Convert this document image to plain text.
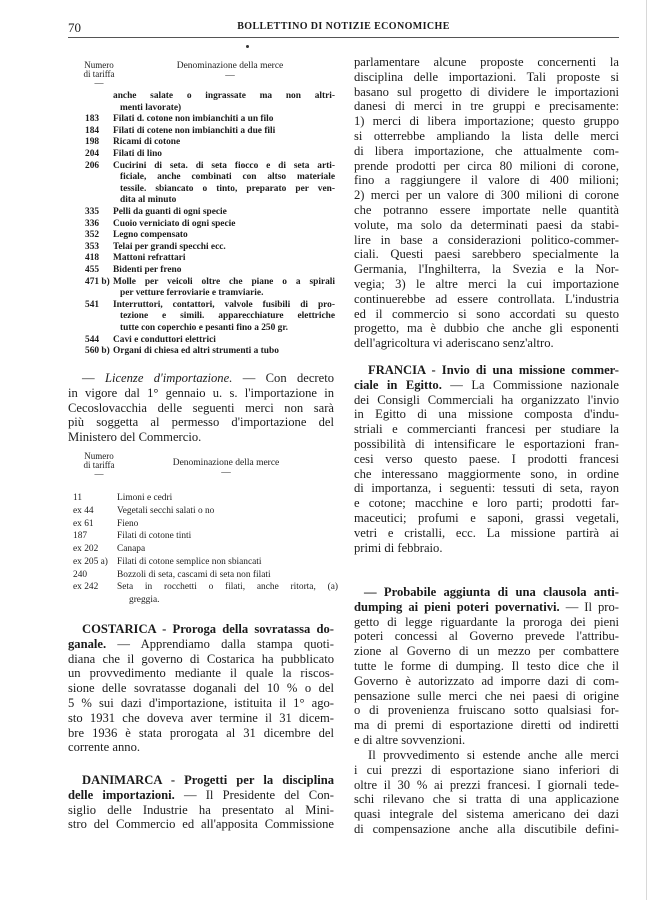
70	BOLLETTINO DI NOTIZIE ECONOMICHE
Numero
di tariffa
—
Denominazione della merce
—
anche salate o ingrassate ma non altri-
menti lavorate)
183 Filati d. cotone non imbianchiti a un filo
184 Filati di cotene non imbianchiti a due fili
198 Ricami di cotone
204 Filati di lino
206 Cucirini di seta. di seta fiocco e di seta arti-
ficiale, anche combinati con altso materiale
tessile. sbiancato o tinto, preparato per ven-
dita al minuto
335 Pelli da guanti di ogni specie
336 Cuoio verniciato di ogni specie
352 Legno compensato
353 Telai per grandi specchi ecc.
418 Mattoni refrattari
455 Bidenti per freno
471 b) Molle per veicoli oltre che piane o a spirali
per vetture ferroviarie e tramviarie.
541 Interruttori, contattori, valvole fusibili di pro-
tezione e simili. apparecchiature elettriche
tutte con coperchio e pesanti fino a 250 gr.
544 Cavi e conduttori elettrici
560 b) Organi di chiesa ed altri strumenti a tubo
— Licenze d'importazione. — Con decreto
in vigore dal 1° gennaio u. s. l'importazione in
Cecoslovacchia delle seguenti merci non sarà
più soggetta al permesso d'importazione del
Ministero del Commercio.
Numero
di tariffa
—
Denominazione della merce
—
11	Limoni e cedri
ex 44 Vegetali secchi salati o no
ex 61 Fieno
187	Filati di cotone tinti
ex 202 Canapa
ex 205 a) Filati di cotone semplice non sbiancati
240	Bozzoli di seta, cascami di seta non filati
ex 242 Seta in rocchetti o filati, anche ritorta, (a)
greggia.
COSTARICA - Proroga della sovratassa do-
ganale. — Apprendiamo dalla stampa quoti-
diana che il governo di Costarica ha pubblicato
un provvedimento mediante il quale la riscos-
sione delle sovratasse doganali del 10 % o del
5 % sui dazi d'importazione, istituita il 1° ago-
sto 1931 che doveva aver termine il 31 dicem-
bre 1936 è stata prorogata al 31 dicembre del
corrente anno.
DANIMARCA - Progetti per la disciplina
delle importazioni. — Il Presidente del Con-
siglio delle Industrie ha presentato al Mini-
stro del Commercio ed all'apposita Commissione
parlamentare alcune proposte concernenti la
disciplina delle importazioni. Tali proposte si
basano sul progetto di dividere le importazioni
danesi di merci in tre gruppi e precisamente:
1) merci di libera importazione; questo gruppo
si otterrebbe ampliando la lista delle merci
di libera importazione, che attualmente com-
prende prodotti per circa 80 milioni di corone,
fino a raggiungere il valore di 400 milioni;
2) merci per un valore di 300 milioni di corone
che potranno essere importate nelle quantità
volute, ma solo da determinati paesi da stabi-
lire in base a considerazioni politico-commer-
ciali. Questi paesi sarebbero specialmente la
Germania, l'Inghilterra, la Svezia e la Nor-
vegia; 3) le altre merci la cui importazione
continuerebbe ad essere controllata. L'industria
ed il commercio si sono accordati su questo
progetto, ma è dubbio che anche gli esponenti
dell'agricoltura vi aderiscano senz'altro.
FRANCIA - Invio di una missione commer-
ciale in Egitto. — La Commissione nazionale
dei Consigli Commerciali ha organizzato l'invio
in Egitto di una missione composta d'indu-
striali e commercianti francesi per studiare la
possibilità di intensificare le esportazioni fran-
cesi verso questo paese. I prodotti francesi
che interessano maggiormente sono, in ordine
di importanza, i seguenti: tessuti di seta, rayon
e cotone; macchine e loro parti; prodotti far-
maceutici; profumi e saponi, grassi vegetali,
vetri e cristalli, ecc. La missione partirà ai
primi di febbraio.
— Probabile aggiunta di una clausola anti-
dumping ai pieni poteri povernativi. — Il pro-
getto di legge riguardante la proroga dei pieni
poteri concessi al Governo prevede l'attribu-
zione al Governo di un mezzo per combattere
tutte le forme di dumping. Il testo dice che il
Governo è autorizzato ad imporre dazi di com-
pensazione sulle merci che nei paesi di origine
o di provenienza fruiscano sotto qualsiasi for-
ma di premi di esportazione diretti od indiretti
e di altre sovvenzioni.
Il provvedimento si estende anche alle merci
i cui prezzi di esportazione siano inferiori di
oltre il 30 % ai prezzi francesi. I giornali tede-
schi rilevano che si tratta di una applicazione
quasi integrale del sistema americano dei dazi
di compensazione anche alla discutibile defini-
